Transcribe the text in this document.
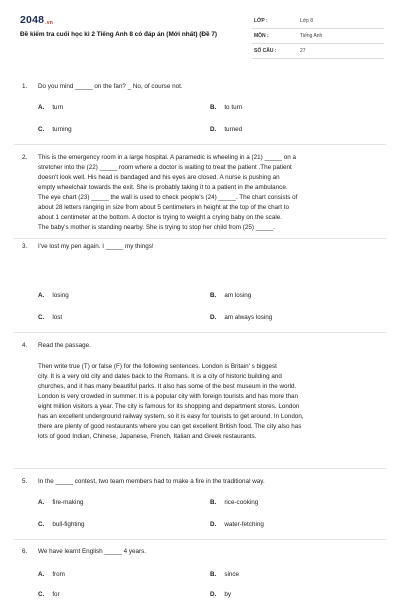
2048.vn
Đề kiểm tra cuối học kì 2 Tiếng Anh 8 có đáp án (Mới nhất) (Đề 7)
LỚP :	Lớp 8
MÔN :	Tiếng Anh
SỐ CÂU :	27
1. Do you mind _____ on the fan? _ No, of course not.
A. turn	B. to turn
C. turning	D. turned
2. This is the emergency room in a large hospital. A paramedic is wheeling in a (21) _____ on a
stretcher into the (22) _____ room where a doctor is waiting to treat the patient .The patient
doesn't look well. His head is bandaged and his eyes are closed. A nurse is pushing an
empty wheelchair towards the exit. She is probably taking it to a patient in the ambulance.
The eye chart (23) _____ the wall is used to check people's (24) _____. The chart consists of
about 28 letters ranging in size from about 5 centimeters in height at the top of the chart to
about 1 centimeter at the bottom. A doctor is trying to weight a crying baby on the scale.
The baby's mother is standing nearby. She is trying to stop her child from (25) _____.
3. I've lost my pen again. I _____ my things!
A. losing	B. am losing
C. lost	D. am always losing
4. Read the passage.
Then write true (T) or false (F) for the following sentences. London is Britain' s biggest
city. It is a very old city and dates back to the Romans. It is a city of historic building and
churches, and it has many beautiful parks. It also has some of the best museum in the world.
London is very crowded in summer. It is a popular city with foreign tourists and has more than
eight million visitors a year. The city is famous for its shopping and department stores. London
has an excellent underground railway system, so it is easy for tourists to get around. In London,
there are plenty of good restaurants where you can get excellent British food. The city also has
lots of good Indian, Chinese, Japanese, French, Italian and Greek restaurants.
5. In the _____ contest, two team members had to make a fire in the traditional way.
A. fire-making	B. rice-cooking
C. bull-fighting	D. water-fetching
6. We have learnt English _____ 4 years.
A. from	B. since
C. for	D. by
